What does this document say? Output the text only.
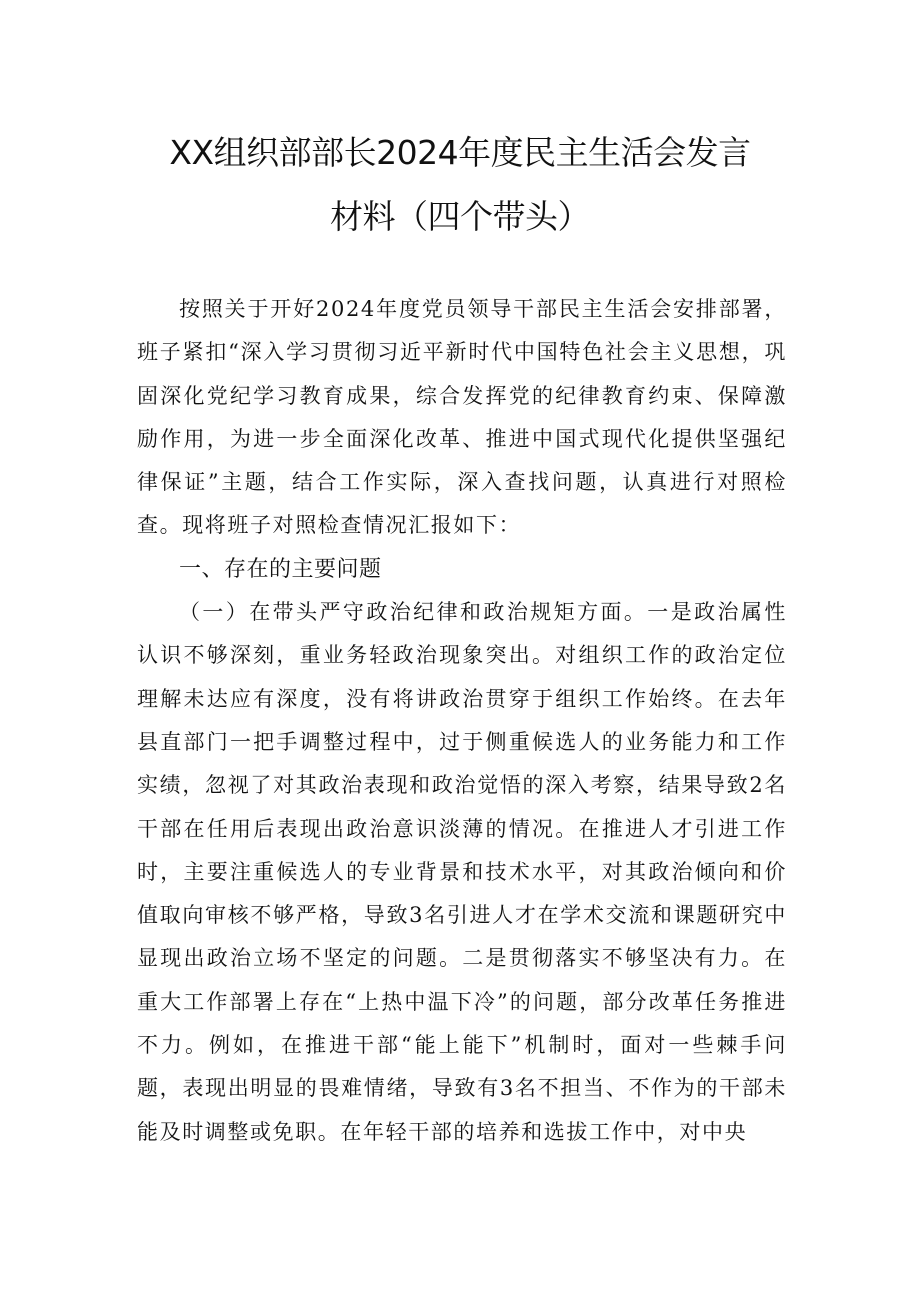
XX组织部部长2024年度民主生活会发言
材料（四个带头）

按照关于开好2024年度党员领导干部民主生活会安排部署，班子紧扣“深入学习贯彻习近平新时代中国特色社会主义思想，巩固深化党纪学习教育成果，综合发挥党的纪律教育约束、保障激励作用，为进一步全面深化改革、推进中国式现代化提供坚强纪律保证”主题，结合工作实际，深入查找问题，认真进行对照检查。现将班子对照检查情况汇报如下：

一、存在的主要问题

（一）在带头严守政治纪律和政治规矩方面。一是政治属性认识不够深刻，重业务轻政治现象突出。对组织工作的政治定位理解未达应有深度，没有将讲政治贯穿于组织工作始终。在去年县直部门一把手调整过程中，过于侧重候选人的业务能力和工作实绩，忽视了对其政治表现和政治觉悟的深入考察，结果导致2名干部在任用后表现出政治意识淡薄的情况。在推进人才引进工作时，主要注重候选人的专业背景和技术水平，对其政治倾向和价值取向审核不够严格，导致3名引进人才在学术交流和课题研究中显现出政治立场不坚定的问题。二是贯彻落实不够坚决有力。在重大工作部署上存在“上热中温下冷”的问题，部分改革任务推进不力。例如，在推进干部“能上能下”机制时，面对一些棘手问题，表现出明显的畏难情绪，导致有3名不担当、不作为的干部未能及时调整或免职。在年轻干部的培养和选拔工作中，对中央
